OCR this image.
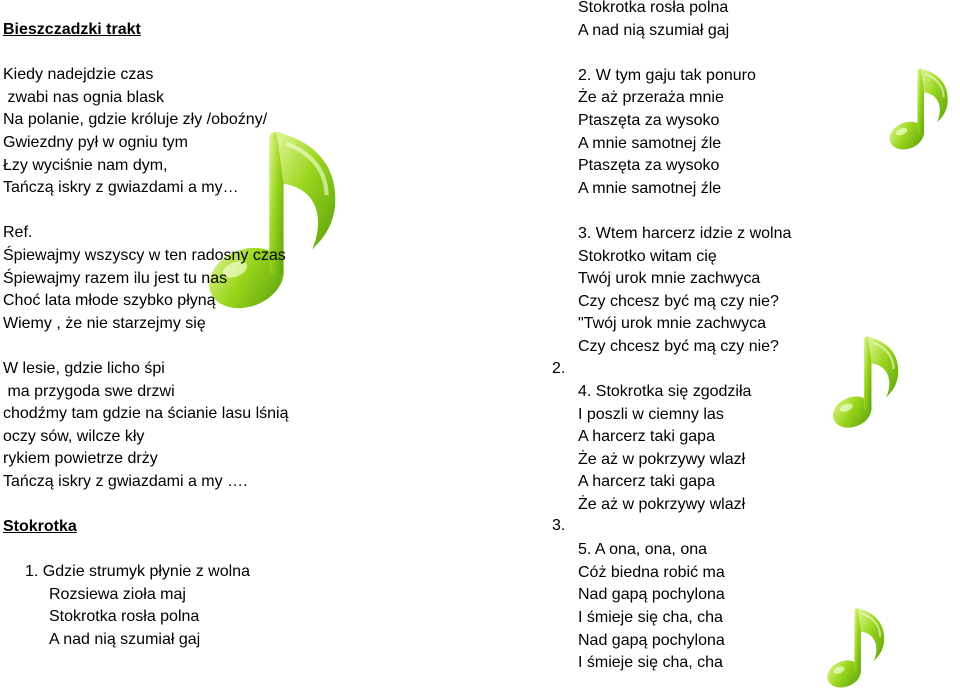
Bieszczadzki trakt

Kiedy nadejdzie czas
zwabi nas ognia blask
Na polanie, gdzie króluje zły /oboźny/
Gwiezdny pył w ogniu tym
Łzy wyciśnie nam dym,
Tańczą iskry z gwiazdami a my…

Ref.
Śpiewajmy wszyscy w ten radosny czas
Śpiewajmy razem ilu jest tu nas
Choć lata młode szybko płyną
Wiemy , że nie starzejmy się

W lesie, gdzie licho śpi
ma przygoda swe drzwi
chodźmy tam gdzie na ścianie lasu lśnią
oczy sów, wilcze kły
rykiem powietrze drży
Tańczą iskry z gwiazdami a my ….

Stokrotka

1. Gdzie strumyk płynie z wolna
Rozsiewa zioła maj
Stokrotka rosła polna
A nad nią szumiał gaj
2.
3.
Stokrotka rosła polna
A nad nią szumiał gaj

2. W tym gaju tak ponuro
Że aż przeraża mnie
Ptaszęta za wysoko
A mnie samotnej źle
Ptaszęta za wysoko
A mnie samotnej źle

3. Wtem harcerz idzie z wolna
Stokrotko witam cię
Twój urok mnie zachwyca
Czy chcesz być mą czy nie?
"Twój urok mnie zachwyca
Czy chcesz być mą czy nie?

4. Stokrotka się zgodziła
I poszli w ciemny las
A harcerz taki gapa
Że aż w pokrzywy wlazł
A harcerz taki gapa
Że aż w pokrzywy wlazł

5. A ona, ona, ona
Cóż biedna robić ma
Nad gapą pochylona
I śmieje się cha, cha
Nad gapą pochylona
I śmieje się cha, cha
